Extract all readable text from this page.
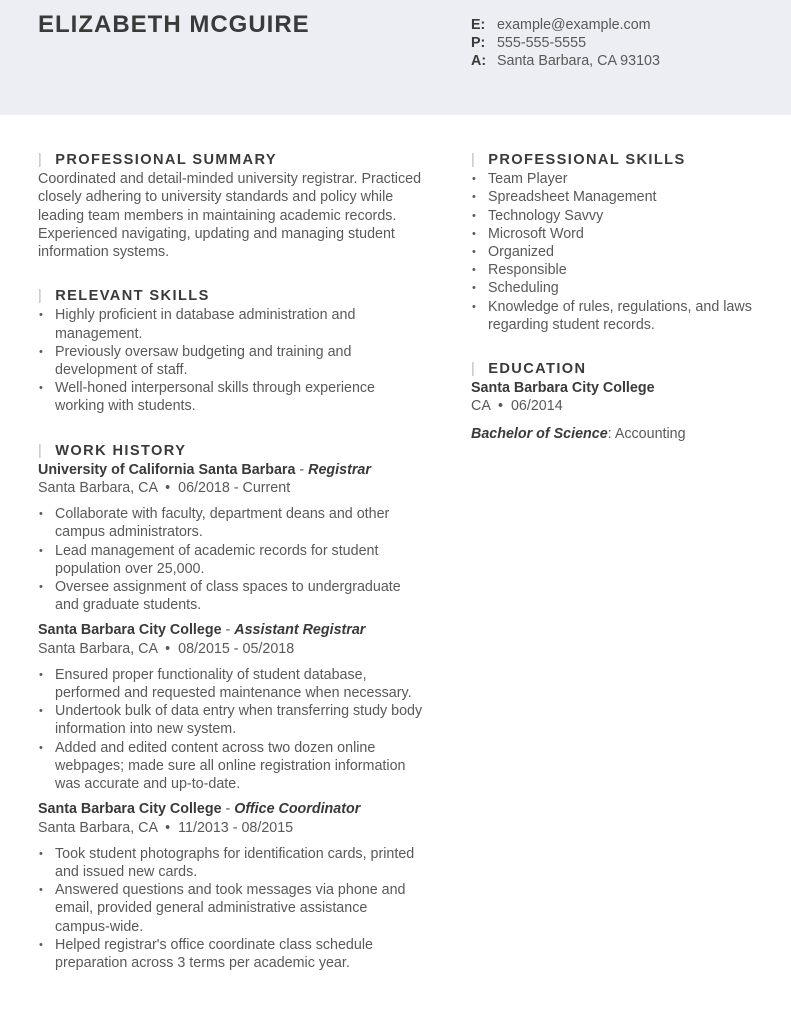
ELIZABETH MCGUIRE	E: example@example.com
P: 555-555-5555
A: Santa Barbara, CA 93103
| PROFESSIONAL SUMMARY

Coordinated and detail-minded university registrar. Practiced closely adhering to university standards and policy while leading team members in maintaining academic records. Experienced navigating, updating and managing student information systems.

| RELEVANT SKILLS
• Highly proficient in database administration and management.
• Previously oversaw budgeting and training and development of staff.
• Well-honed interpersonal skills through experience working with students.
| WORK HISTORY
University of California Santa Barbara - Registrar
Santa Barbara, CA  •  06/2018 - Current
• Collaborate with faculty, department deans and other campus administrators.
• Lead management of academic records for student population over 25,000.
• Oversee assignment of class spaces to undergraduate and graduate students.
Santa Barbara City College - Assistant Registrar
Santa Barbara, CA  •  08/2015 - 05/2018
• Ensured proper functionality of student database, performed and requested maintenance when necessary.
• Undertook bulk of data entry when transferring study body information into new system.
• Added and edited content across two dozen online webpages; made sure all online registration information was accurate and up-to-date.
Santa Barbara City College - Office Coordinator
Santa Barbara, CA  •  11/2013 - 08/2015
• Took student photographs for identification cards, printed and issued new cards.
• Answered questions and took messages via phone and email, provided general administrative assistance campus-wide.
• Helped registrar's office coordinate class schedule preparation across 3 terms per academic year.
| PROFESSIONAL SKILLS
• Team Player
• Spreadsheet Management
• Technology Savvy
• Microsoft Word
• Organized
• Responsible
• Scheduling
• Knowledge of rules, regulations, and laws regarding student records.
| EDUCATION
Santa Barbara City College
CA  •  06/2014
Bachelor of Science: Accounting
